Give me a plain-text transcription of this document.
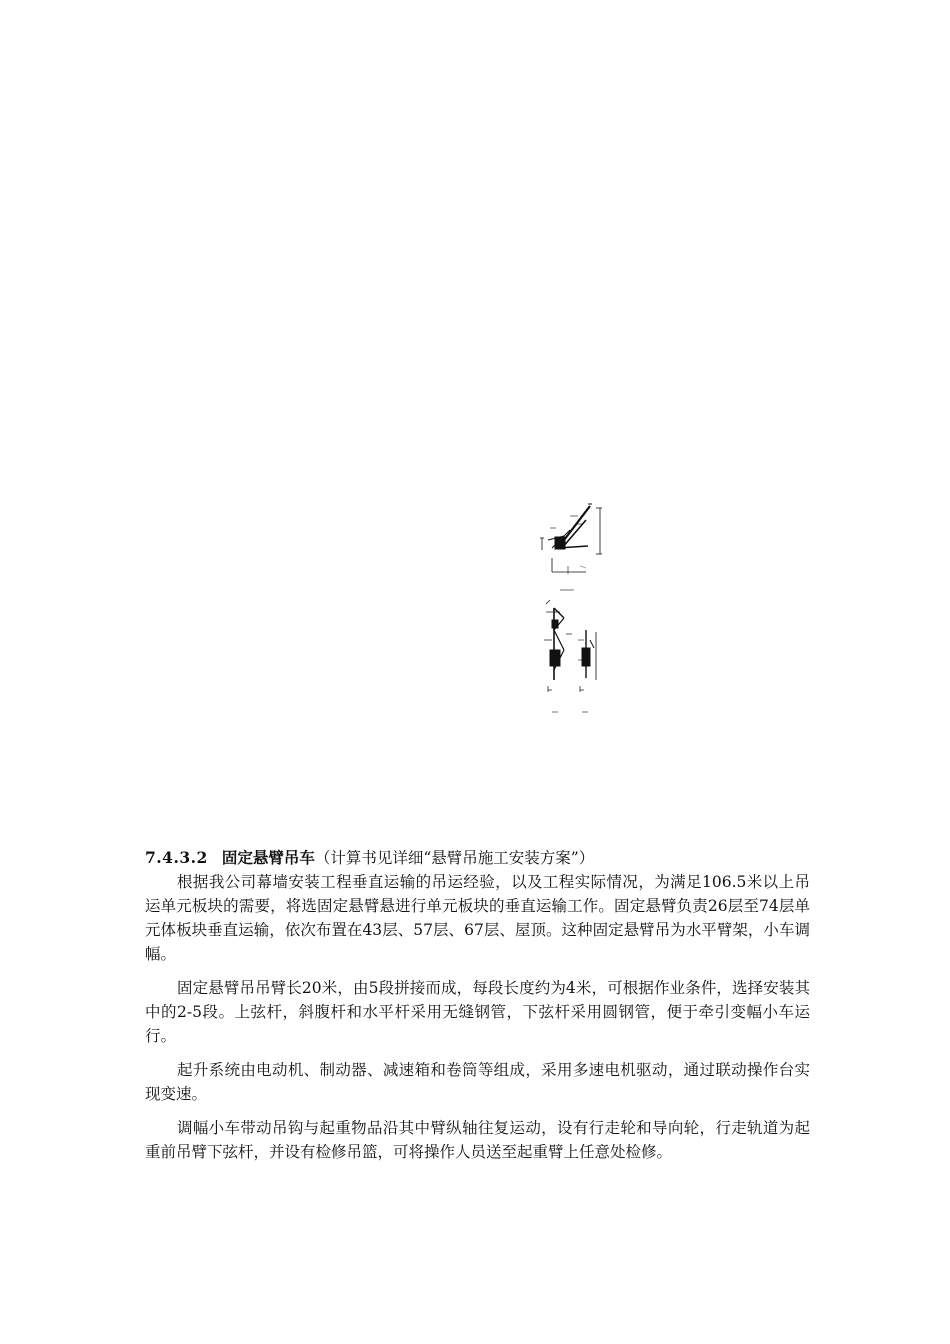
7.4.3.2 固定悬臂吊车（计算书见详细“悬臂吊施工安装方案”）

根据我公司幕墙安装工程垂直运输的吊运经验，以及工程实际情况，为满足106.5米以上吊运单元板块的需要，将选固定悬臂悬进行单元板块的垂直运输工作。固定悬臂负责26层至74层单元体板块垂直运输，依次布置在43层、57层、67层、屋顶。这种固定悬臂吊为水平臂架，小车调幅。

固定悬臂吊吊臂长20米，由5段拼接而成，每段长度约为4米，可根据作业条件，选择安装其中的2-5段。上弦杆，斜腹杆和水平杆采用无缝钢管，下弦杆采用圆钢管，便于牵引变幅小车运行。

起升系统由电动机、制动器、减速箱和卷筒等组成，采用多速电机驱动，通过联动操作台实现变速。

调幅小车带动吊钩与起重物品沿其中臂纵轴往复运动，设有行走轮和导向轮，行走轨道为起重前吊臂下弦杆，并设有检修吊篮，可将操作人员送至起重臂上任意处检修。
